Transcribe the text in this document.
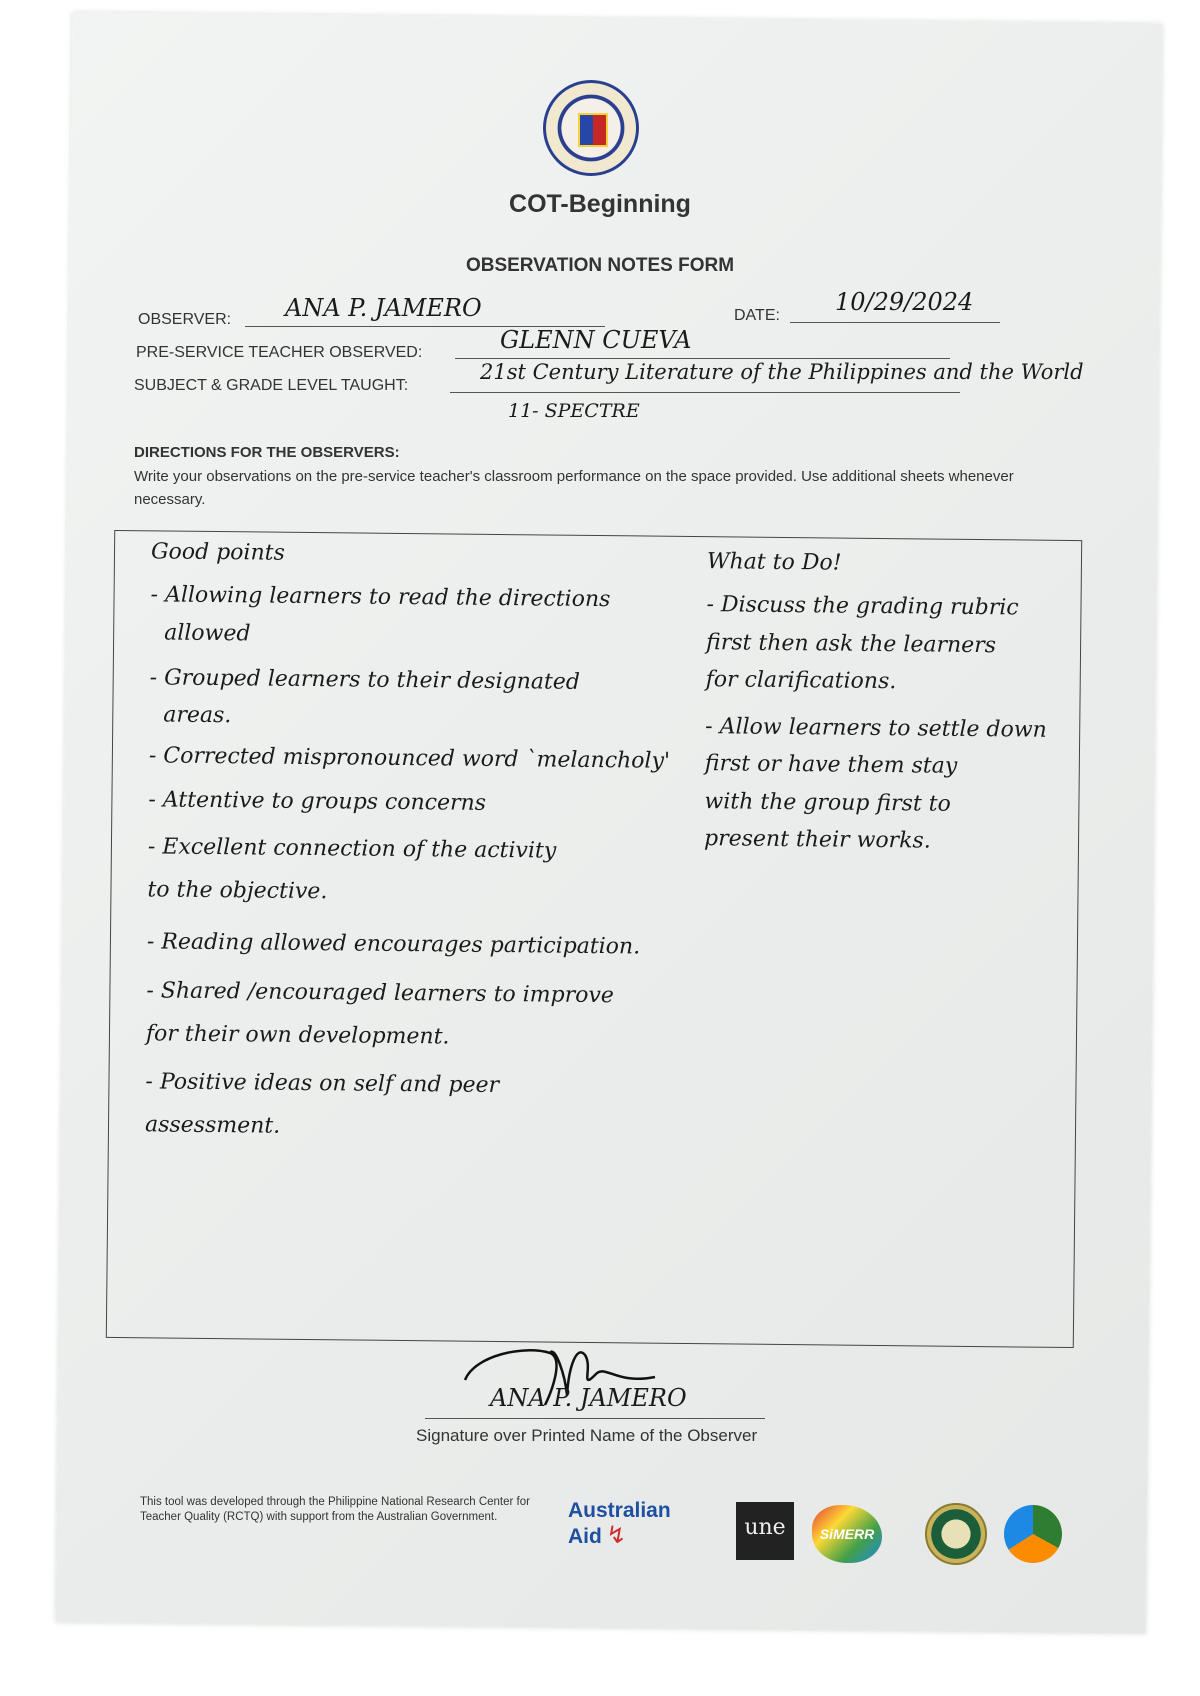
COT-Beginning
OBSERVATION NOTES FORM
OBSERVER: ANA P. JAMERO	DATE: 10/29/2024
PRE-SERVICE TEACHER OBSERVED:	GLENN CUEVA
SUBJECT & GRADE LEVEL TAUGHT:
21st Century Literature of the Philippines and the World
11- SPECTRE
DIRECTIONS FOR THE OBSERVERS:
Write your observations on the pre-service teacher's classroom performance on the space provided. Use additional sheets whenever necessary.
Good points
- Allowing learners to read the directions
allowed
- Grouped learners to their designated
areas.
- Corrected mispronounced word `melancholy'
- Attentive to groups concerns
- Excellent connection of the activity
to the objective.
- Reading allowed encourages participation.
- Shared /encouraged learners to improve
for their own development.
- Positive ideas on self and peer
assessment.
What to Do!
- Discuss the grading rubric
first then ask the learners
for clarifications.
- Allow learners to settle down
first or have them stay
with the group first to
present their works.
ANA P. JAMERO
Signature over Printed Name of the Observer
This tool was developed through the Philippine National Research Center for Teacher Quality (RCTQ) with support from the Australian Government.	Australian
Aid ↯	une	SiMERR
